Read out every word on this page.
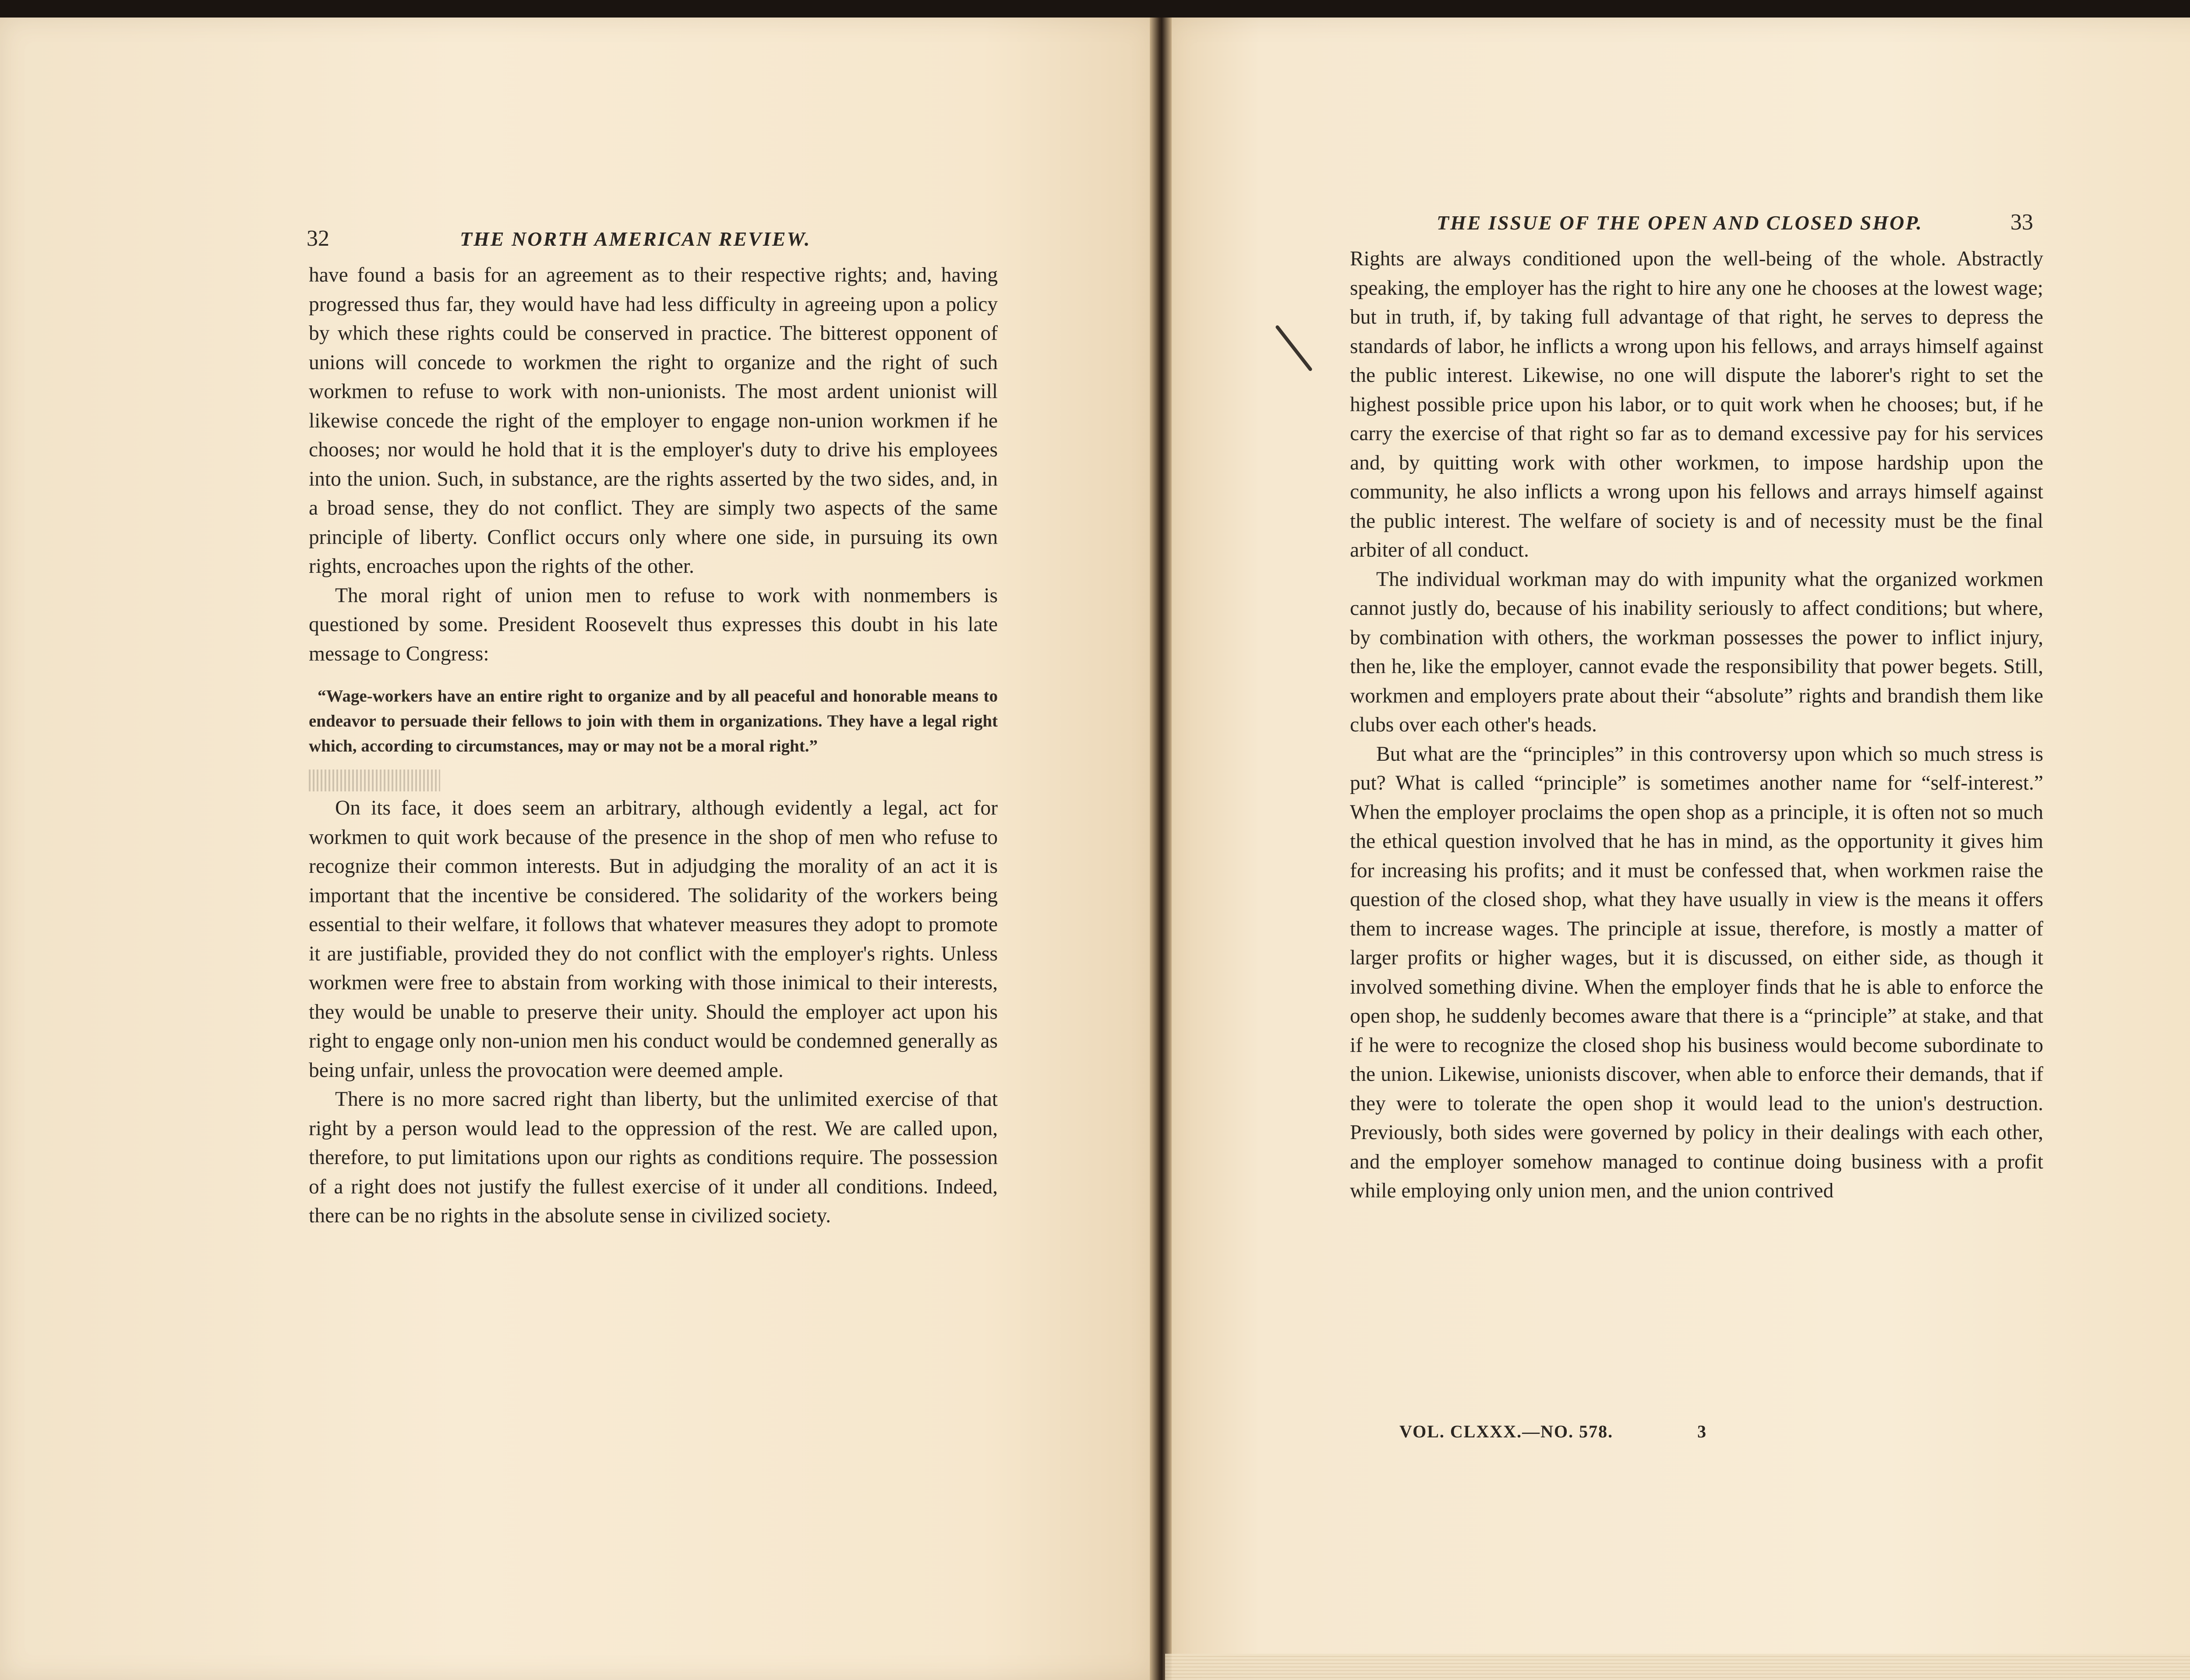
32	THE NORTH AMERICAN REVIEW.

have found a basis for an agreement as to their respective rights; and, having progressed thus far, they would have had less difficulty in agreeing upon a policy by which these rights could be conserved in practice. The bitterest opponent of unions will concede to workmen the right to organize and the right of such workmen to refuse to work with non-unionists. The most ardent unionist will likewise concede the right of the employer to engage non-union workmen if he chooses; nor would he hold that it is the employer's duty to drive his employees into the union. Such, in substance, are the rights asserted by the two sides, and, in a broad sense, they do not conflict. They are simply two aspects of the same principle of liberty. Conflict occurs only where one side, in pursuing its own rights, encroaches upon the rights of the other.

The moral right of union men to refuse to work with nonmembers is questioned by some. President Roosevelt thus expresses this doubt in his late message to Congress:

“Wage-workers have an entire right to organize and by all peaceful and honorable means to endeavor to persuade their fellows to join with them in organizations. They have a legal right which, according to circumstances, may or may not be a moral right.”

On its face, it does seem an arbitrary, although evidently a legal, act for workmen to quit work because of the presence in the shop of men who refuse to recognize their common interests. But in adjudging the morality of an act it is important that the incentive be considered. The solidarity of the workers being essential to their welfare, it follows that whatever measures they adopt to promote it are justifiable, provided they do not conflict with the employer's rights. Unless workmen were free to abstain from working with those inimical to their interests, they would be unable to preserve their unity. Should the employer act upon his right to engage only non-union men his conduct would be condemned generally as being unfair, unless the provocation were deemed ample.

There is no more sacred right than liberty, but the unlimited exercise of that right by a person would lead to the oppression of the rest. We are called upon, therefore, to put limitations upon our rights as conditions require. The possession of a right does not justify the fullest exercise of it under all conditions. Indeed, there can be no rights in the absolute sense in civilized society.

THE ISSUE OF THE OPEN AND CLOSED SHOP.	33

Rights are always conditioned upon the well-being of the whole. Abstractly speaking, the employer has the right to hire any one he chooses at the lowest wage; but in truth, if, by taking full advantage of that right, he serves to depress the standards of labor, he inflicts a wrong upon his fellows, and arrays himself against the public interest. Likewise, no one will dispute the laborer's right to set the highest possible price upon his labor, or to quit work when he chooses; but, if he carry the exercise of that right so far as to demand excessive pay for his services and, by quitting work with other workmen, to impose hardship upon the community, he also inflicts a wrong upon his fellows and arrays himself against the public interest. The welfare of society is and of necessity must be the final arbiter of all conduct.

The individual workman may do with impunity what the organized workmen cannot justly do, because of his inability seriously to affect conditions; but where, by combination with others, the workman possesses the power to inflict injury, then he, like the employer, cannot evade the responsibility that power begets. Still, workmen and employers prate about their “absolute” rights and brandish them like clubs over each other's heads.

But what are the “principles” in this controversy upon which so much stress is put? What is called “principle” is sometimes another name for “self-interest.” When the employer proclaims the open shop as a principle, it is often not so much the ethical question involved that he has in mind, as the opportunity it gives him for increasing his profits; and it must be confessed that, when workmen raise the question of the closed shop, what they have usually in view is the means it offers them to increase wages. The principle at issue, therefore, is mostly a matter of larger profits or higher wages, but it is discussed, on either side, as though it involved something divine. When the employer finds that he is able to enforce the open shop, he suddenly becomes aware that there is a “principle” at stake, and that if he were to recognize the closed shop his business would become subordinate to the union. Likewise, unionists discover, when able to enforce their demands, that if they were to tolerate the open shop it would lead to the union's destruction. Previously, both sides were governed by policy in their dealings with each other, and the employer somehow managed to continue doing business with a profit while employing only union men, and the union contrived

VOL. CLXXX.—NO. 578.	3
